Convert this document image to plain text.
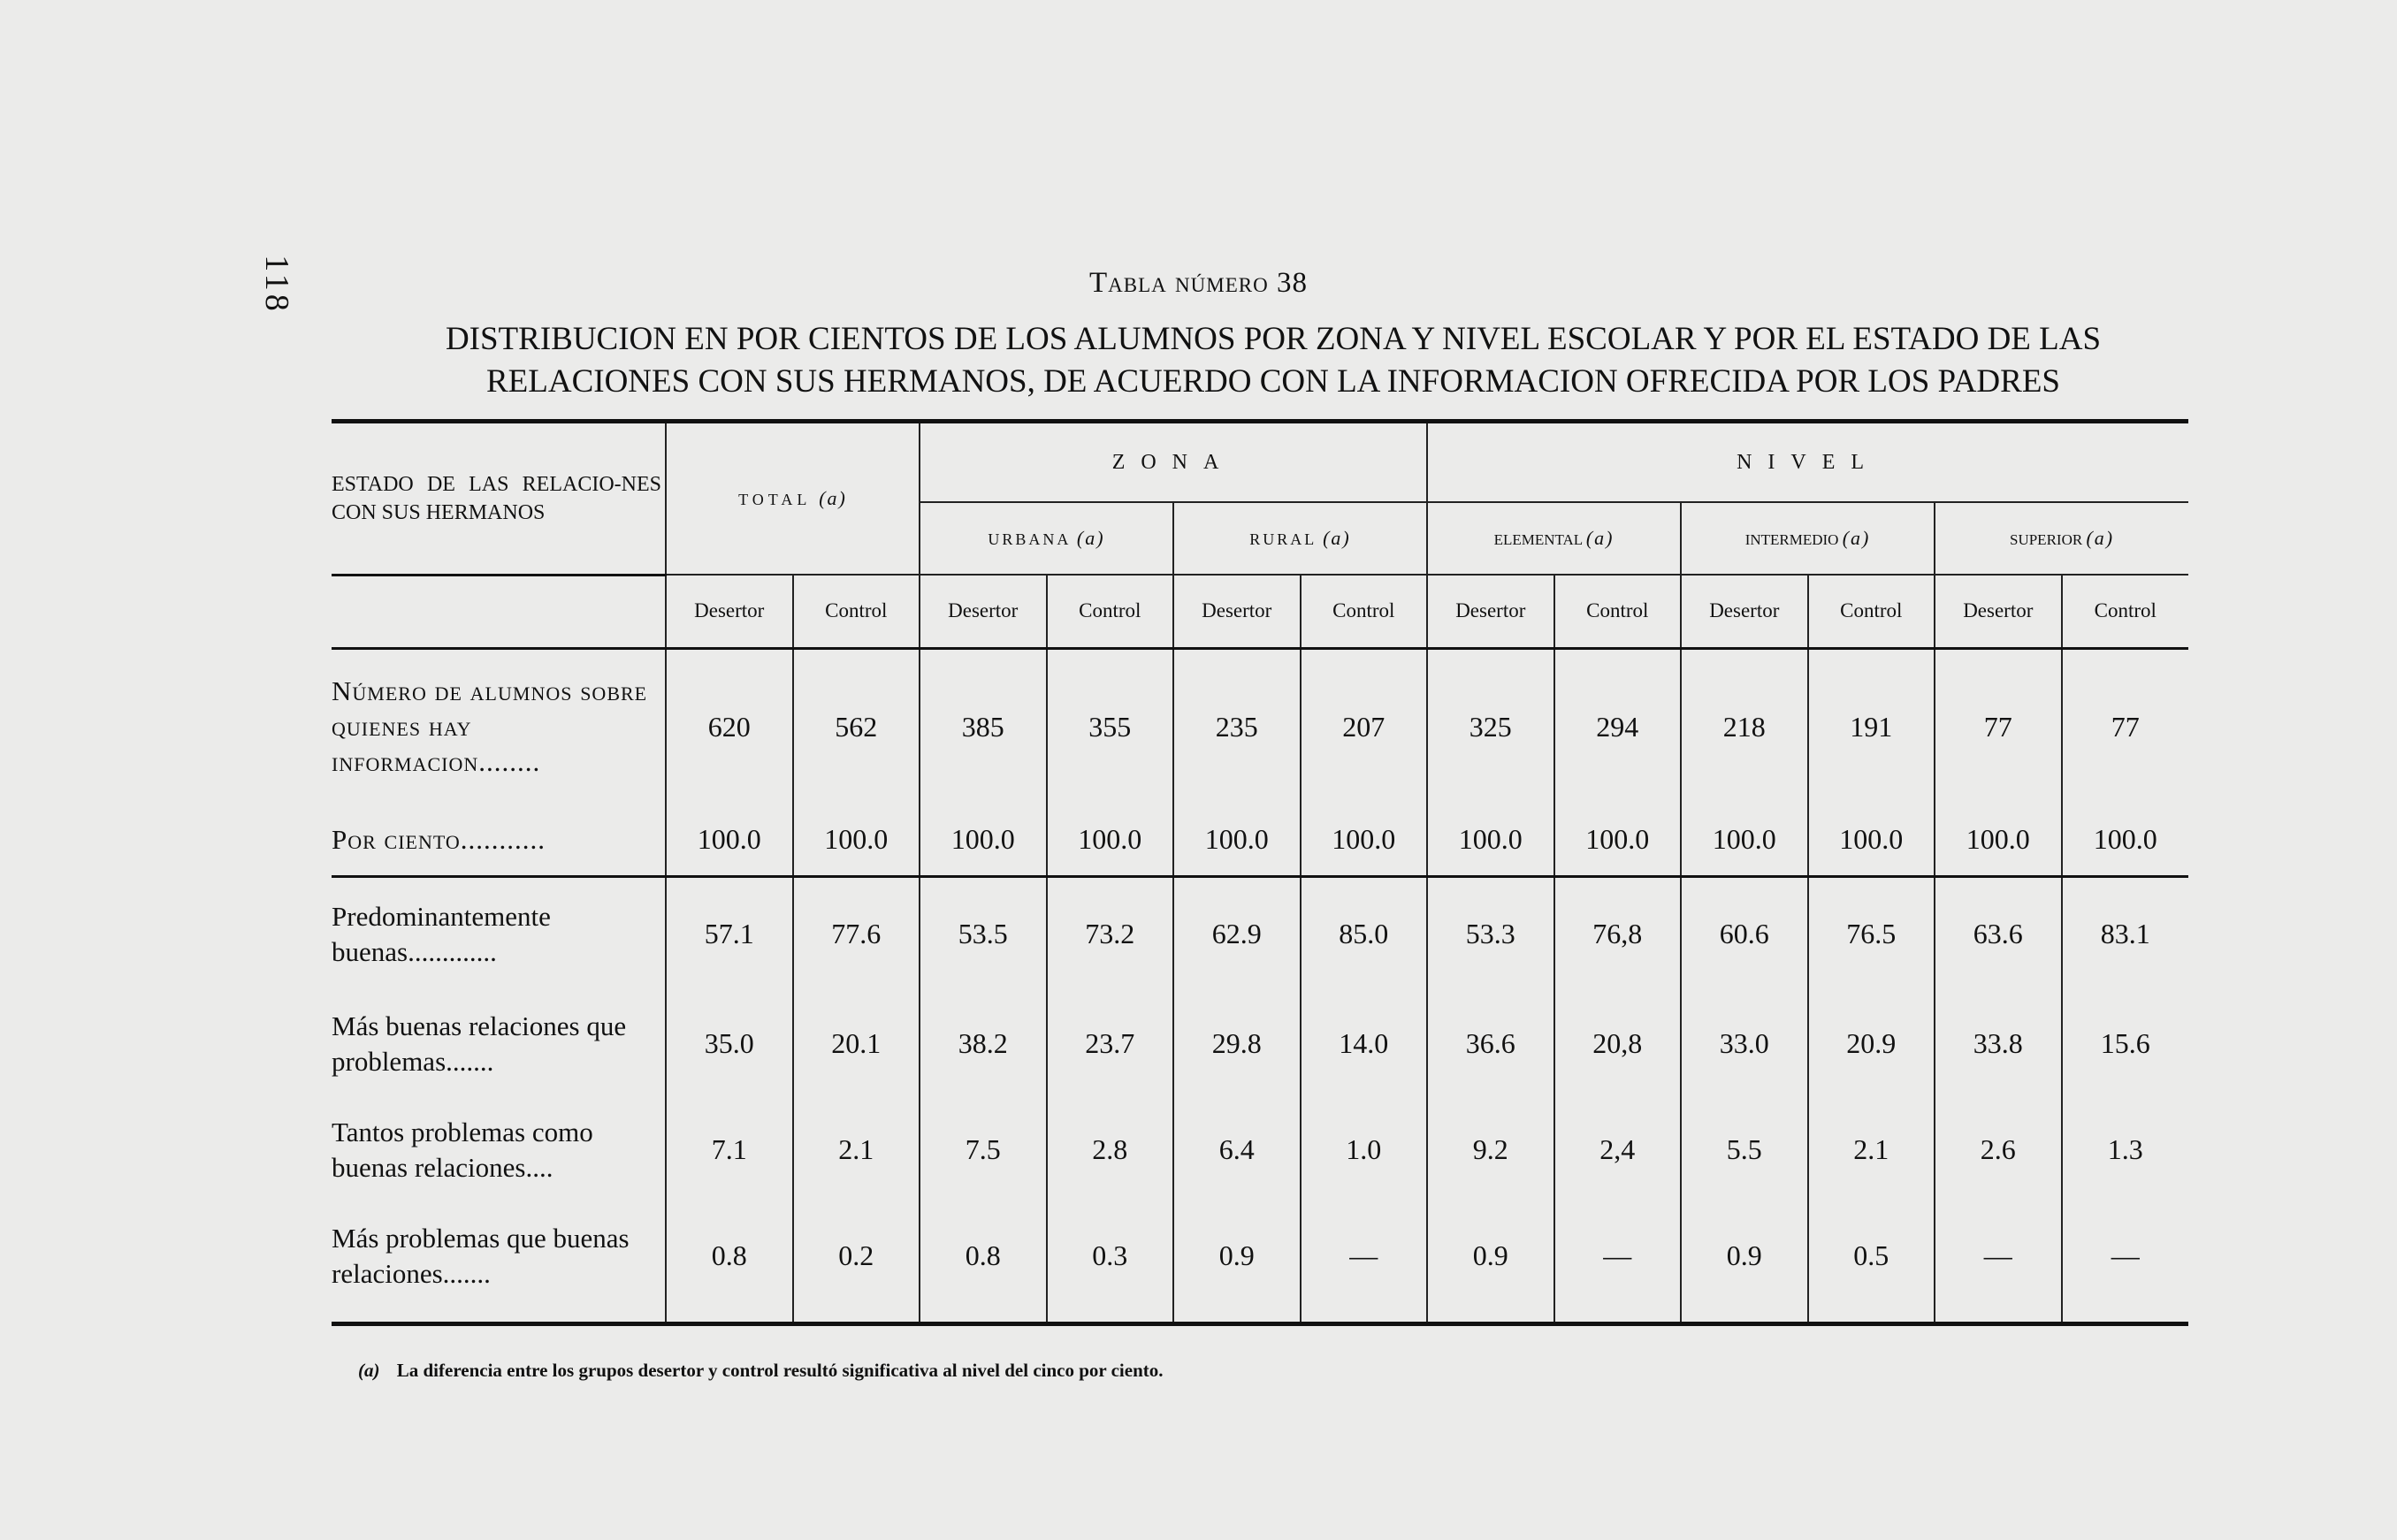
118	Tabla número 38
DISTRIBUCION EN POR CIENTOS DE LOS ALUMNOS POR ZONA Y NIVEL ESCOLAR Y POR EL ESTADO DE LAS
RELACIONES CON SUS HERMANOS, DE ACUERDO CON LA INFORMACION OFRECIDA POR LOS PADRES
ESTADO DE LAS RELACIO-NES CON SUS HERMANOS	TOTAL (a)		ZONA				NIVEL					
			URBANA (a)		RURAL (a)		ELEMENTAL (a)		INTERMEDIO (a)		SUPERIOR (a)	
	Desertor	Control	Desertor	Control	Desertor	Control	Desertor	Control	Desertor	Control	Desertor	Control
Número de alumnos sobre quienes hay informacion........	620	562	385	355	235	207	325	294	218	191	77	77
Por ciento...........	100.0	100.0	100.0	100.0	100.0	100.0	100.0	100.0	100.0	100.0	100.0	100.0
Predominantemente buenas.............	57.1	77.6	53.5	73.2	62.9	85.0	53.3	76,8	60.6	76.5	63.6	83.1
Más buenas relaciones que problemas.......	35.0	20.1	38.2	23.7	29.8	14.0	36.6	20,8	33.0	20.9	33.8	15.6
Tantos problemas como buenas relaciones....	7.1	2.1	7.5	2.8	6.4	1.0	9.2	2,4	5.5	2.1	2.6	1.3
Más problemas que buenas relaciones.......	0.8	0.2	0.8	0.3	0.9	—	0.9	—	0.9	0.5	—	—
(a) La diferencia entre los grupos desertor y control resultó significativa al nivel del cinco por ciento.
